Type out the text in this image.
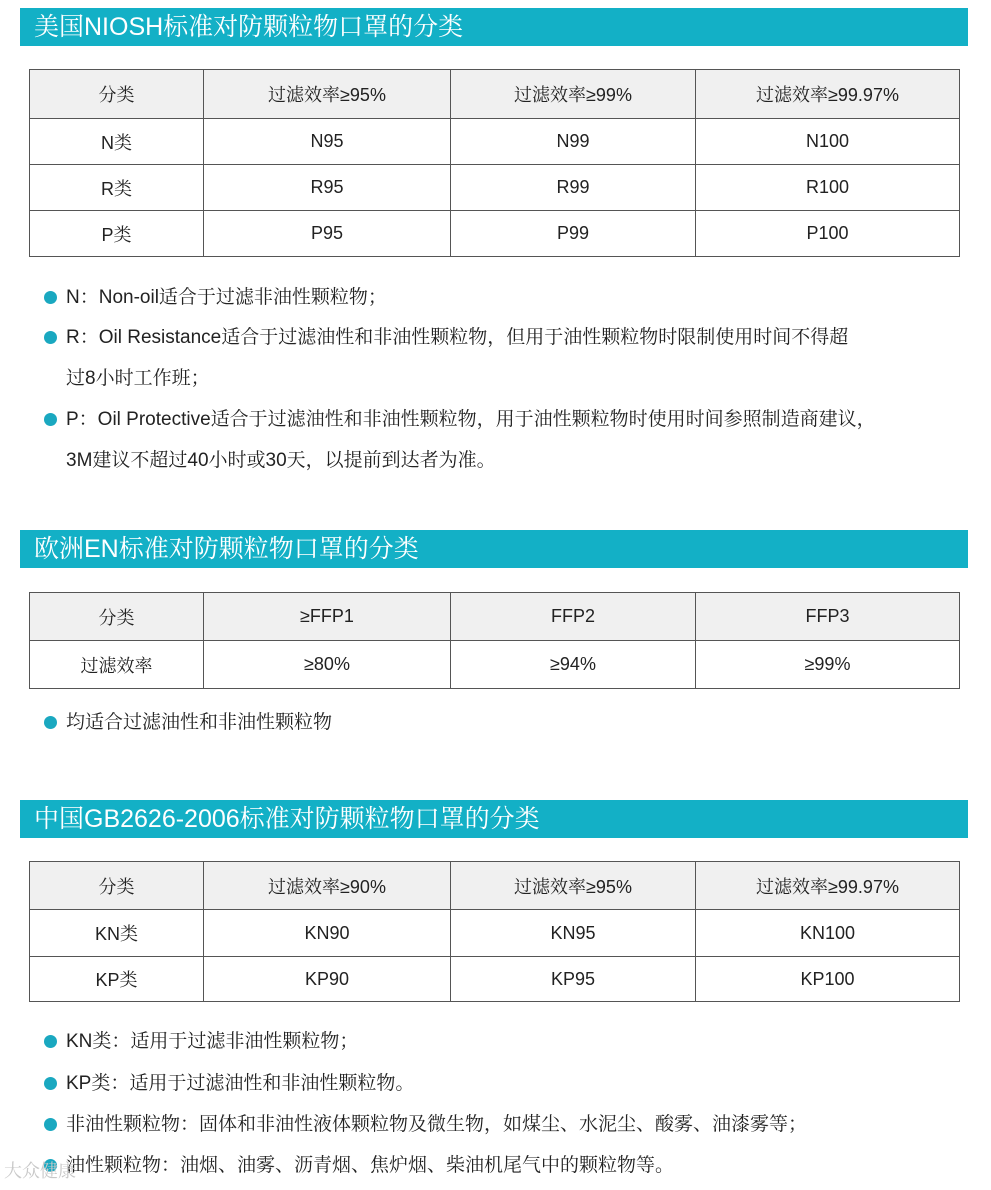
美国NIOSH标准对防颗粒物口罩的分类
分类	过滤效率≥95%	过滤效率≥99%	过滤效率≥99.97%
N类	N95	N99	N100
R类	R95	R99	R100
P类	P95	P99	P100
N：Non-oil适合于过滤非油性颗粒物；
R：Oil Resistance适合于过滤油性和非油性颗粒物，但用于油性颗粒物时限制使用时间不得超
过8小时工作班；
P：Oil Protective适合于过滤油性和非油性颗粒物，用于油性颗粒物时使用时间参照制造商建议，
3M建议不超过40小时或30天，以提前到达者为准。
欧洲EN标准对防颗粒物口罩的分类
分类	≥FFP1	FFP2	FFP3
过滤效率	≥80%	≥94%	≥99%
均适合过滤油性和非油性颗粒物
中国GB2626-2006标准对防颗粒物口罩的分类
分类	过滤效率≥90%	过滤效率≥95%	过滤效率≥99.97%
KN类	KN90	KN95	KN100
KP类	KP90	KP95	KP100
KN类：适用于过滤非油性颗粒物；
KP类：适用于过滤油性和非油性颗粒物。
非油性颗粒物：固体和非油性液体颗粒物及微生物，如煤尘、水泥尘、酸雾、油漆雾等；
油性颗粒物：油烟、油雾、沥青烟、焦炉烟、柴油机尾气中的颗粒物等。
大众健康
